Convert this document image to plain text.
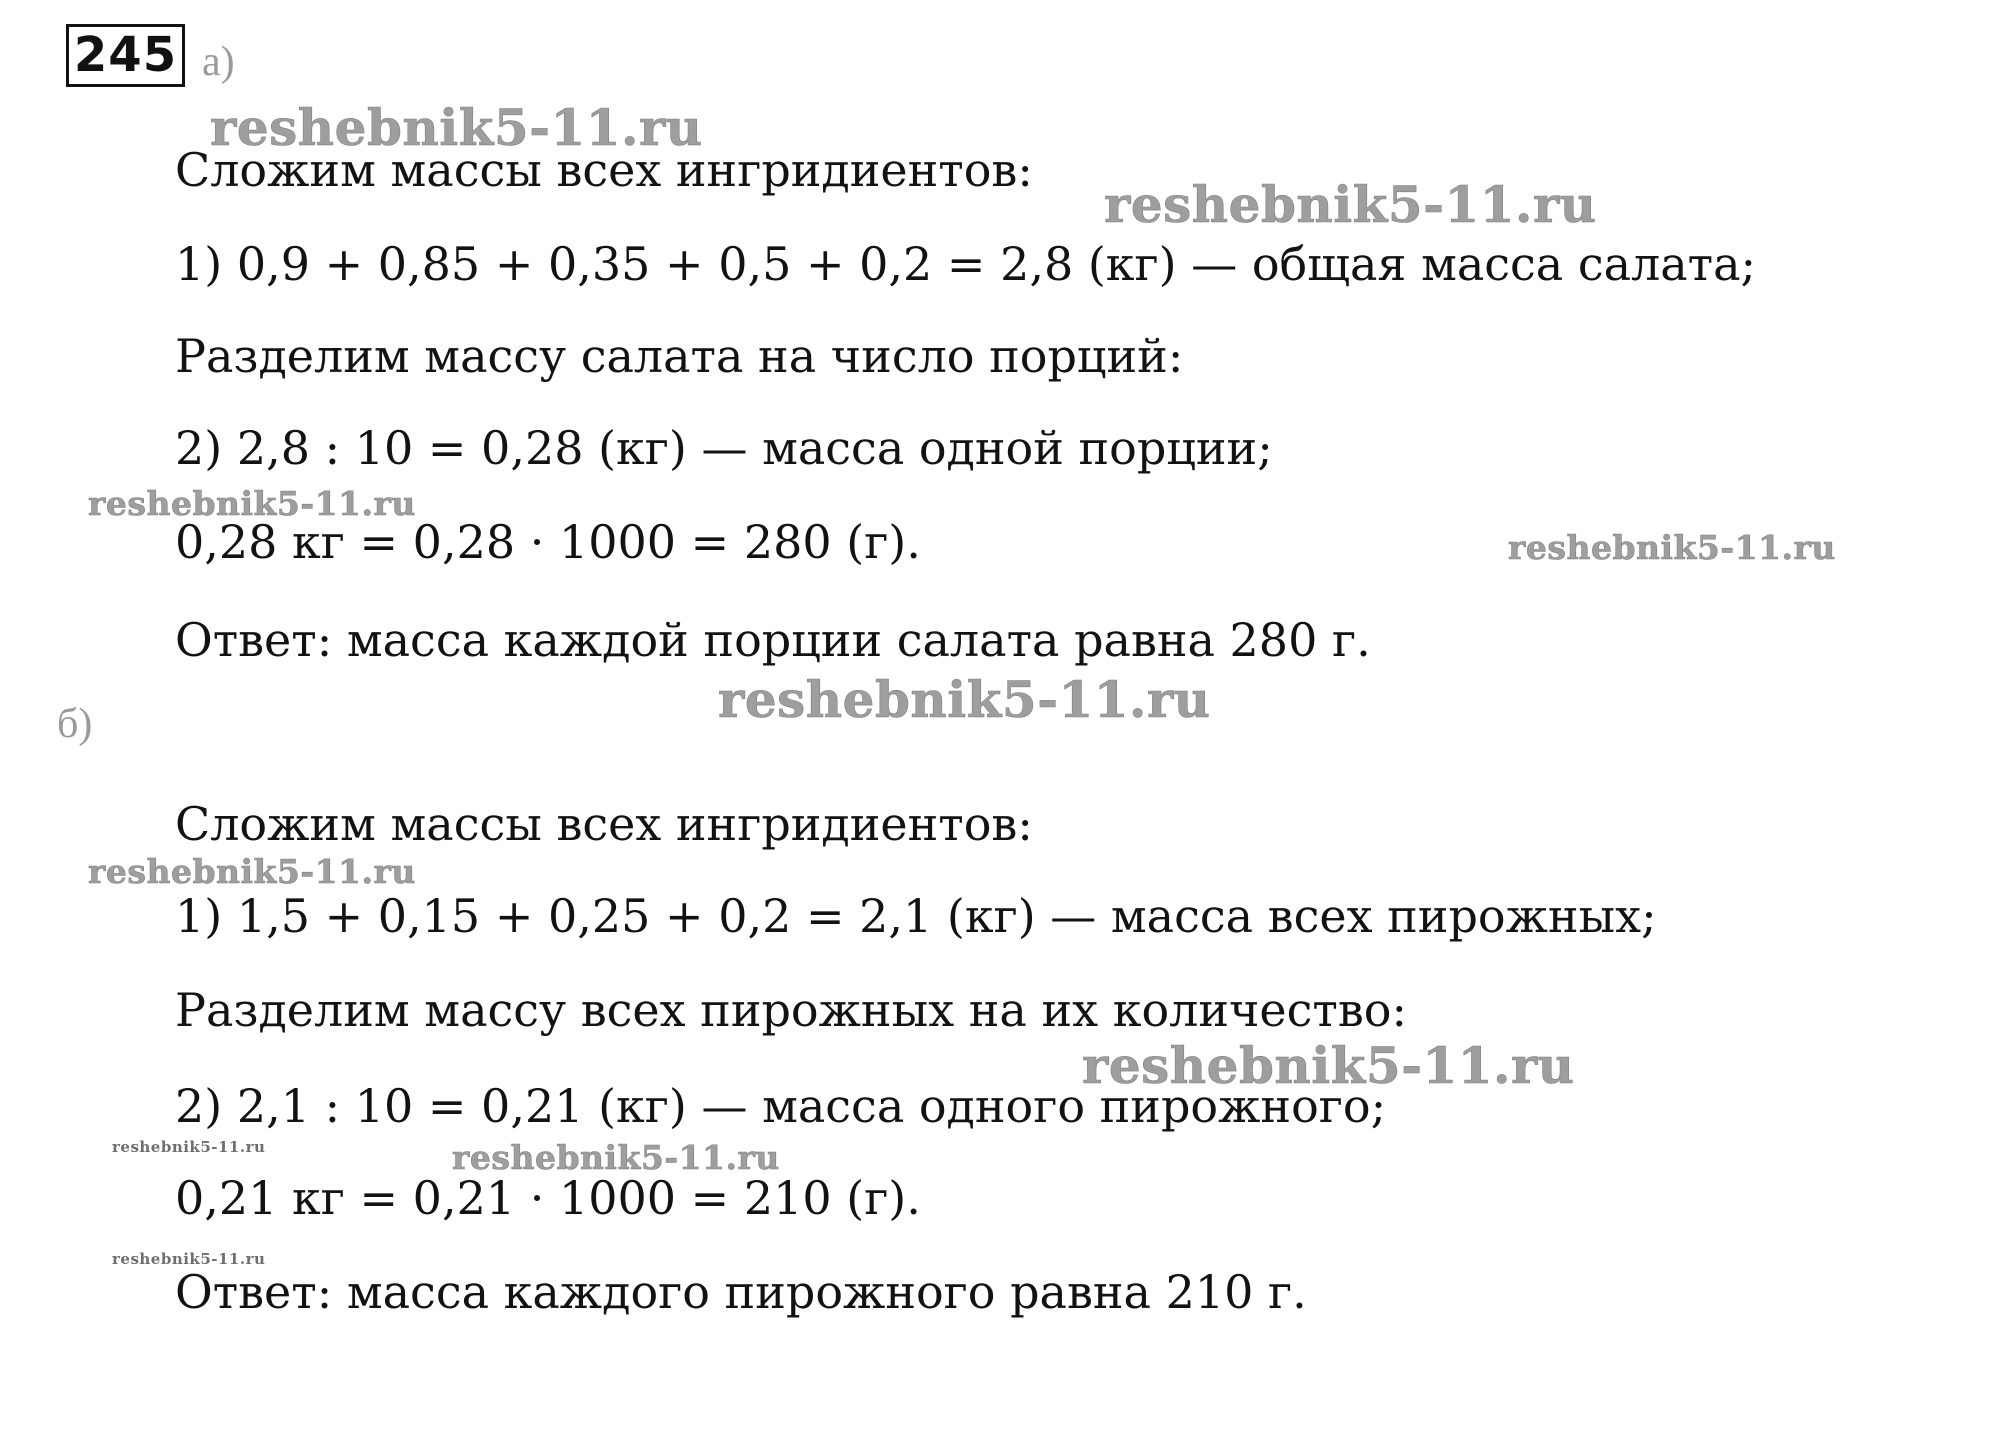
245 а)
Сложим массы всех ингридиентов:
1) 0,9 + 0,85 + 0,35 + 0,5 + 0,2 = 2,8 (кг) — общая масса салата;
Разделим массу салата на число порций:
2) 2,8 : 10 = 0,28 (кг) — масса одной порции;
0,28 кг = 0,28 · 1000 = 280 (г).
Ответ: масса каждой порции салата равна 280 г.
б)
Сложим массы всех ингридиентов:
1) 1,5 + 0,15 + 0,25 + 0,2 = 2,1 (кг) — масса всех пирожных;
Разделим массу всех пирожных на их количество:
2) 2,1 : 10 = 0,21 (кг) — масса одного пирожного;
0,21 кг = 0,21 · 1000 = 210 (г).
Ответ: масса каждого пирожного равна 210 г.
reshebnik5-11.ru
reshebnik5-11.ru
reshebnik5-11.ru
reshebnik5-11.ru
reshebnik5-11.ru
reshebnik5-11.ru
reshebnik5-11.ru
reshebnik5-11.ru	reshebnik5-11.ru
reshebnik5-11.ru
